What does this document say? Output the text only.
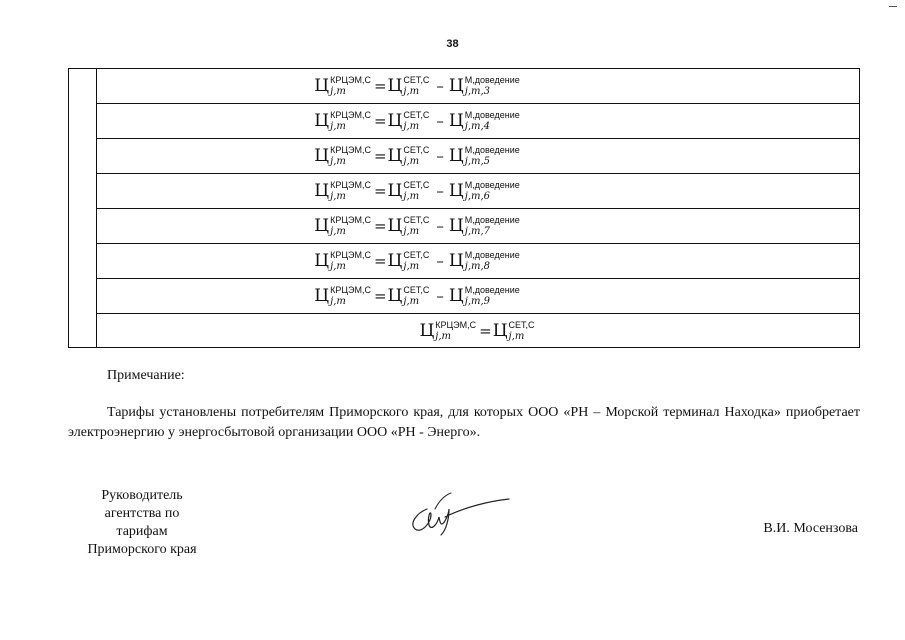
38
Ц КРЦЭМ,С
j,m	= Ц СЕТ,С
j,m	– Ц М,доведение
j,m,3
Ц КРЦЭМ,С
j,m	= Ц СЕТ,С
j,m	– Ц М,доведение
j,m,4
Ц КРЦЭМ,С
j,m	= Ц СЕТ,С
j,m	– Ц М,доведение
j,m,5
Ц КРЦЭМ,С
j,m	= Ц СЕТ,С
j,m	– Ц М,доведение
j,m,6
Ц КРЦЭМ,С
j,m	= Ц СЕТ,С
j,m	– Ц М,доведение
j,m,7
Ц КРЦЭМ,С
j,m	= Ц СЕТ,С
j,m	– Ц М,доведение
j,m,8
Ц КРЦЭМ,С
j,m	= Ц СЕТ,С
j,m	– Ц М,доведение
j,m,9
Ц КРЦЭМ,С
j,m	= Ц СЕТ,С
j,m
Примечание:
Тарифы установлены потребителям Приморского края, для которых ООО «РН – Морской терминал Находка» приобретает электроэнергию у энергосбытовой организации ООО «РН - Энерго».
Руководитель
агентства по тарифам
Приморского края
В.И. Мосензова
